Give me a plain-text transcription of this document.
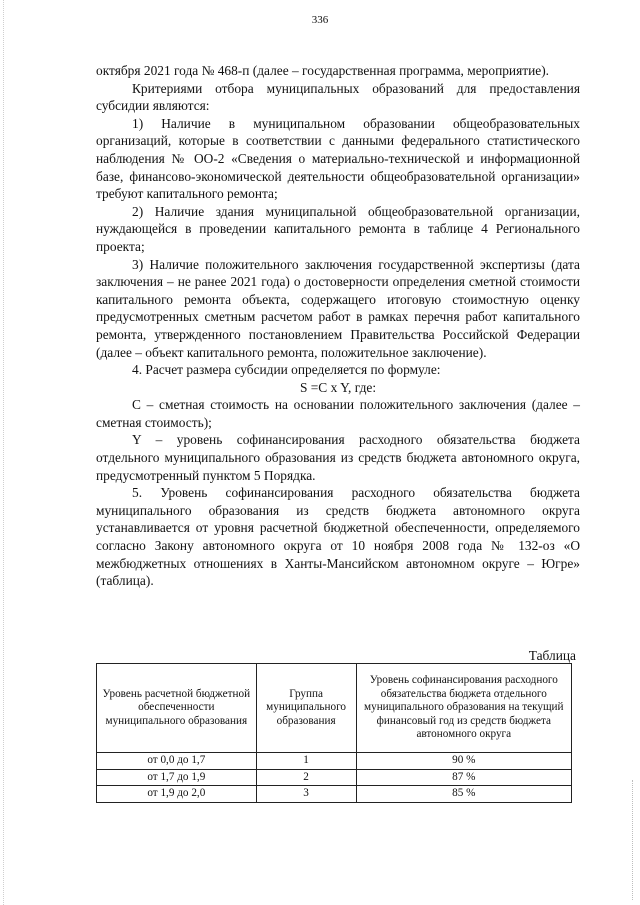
336

октября 2021 года № 468-п (далее – государственная программа, мероприятие).

Критериями отбора муниципальных образований для предоставления субсидии являются:

1) Наличие в муниципальном образовании общеобразовательных организаций, которые в соответствии с данными федерального статистического наблюдения № ОО-2 «Сведения о материально-технической и информационной базе, финансово-экономической деятельности общеобразовательной организации» требуют капитального ремонта;

2) Наличие здания муниципальной общеобразовательной организации, нуждающейся в проведении капитального ремонта в таблице 4 Регионального проекта;

3) Наличие положительного заключения государственной экспертизы (дата заключения – не ранее 2021 года) о достоверности определения сметной стоимости капитального ремонта объекта, содержащего итоговую стоимостную оценку предусмотренных сметным расчетом работ в рамках перечня работ капитального ремонта, утвержденного постановлением Правительства Российской Федерации (далее – объект капитального ремонта, положительное заключение).

4. Расчет размера субсидии определяется по формуле:

S =C x Y, где:

С – сметная стоимость на основании положительного заключения (далее – сметная стоимость);

Y – уровень софинансирования расходного обязательства бюджета отдельного муниципального образования из средств бюджета автономного округа, предусмотренный пунктом 5 Порядка.

5. Уровень софинансирования расходного обязательства бюджета муниципального образования из средств бюджета автономного округа устанавливается от уровня расчетной бюджетной обеспеченности, определяемого согласно Закону автономного округа от 10 ноября 2008 года № 132-оз «О межбюджетных отношениях в Ханты-Мансийском автономном округе – Югре» (таблица).

Таблица
Уровень расчетной бюджетной обеспеченности муниципального образования	Группа муниципального образования	Уровень софинансирования расходного обязательства бюджета отдельного муниципального образования на текущий финансовый год из средств бюджета автономного округа
от 0,0 до 1,7	1	90 %
от 1,7 до 1,9	2	87 %
от 1,9 до 2,0	3	85 %
